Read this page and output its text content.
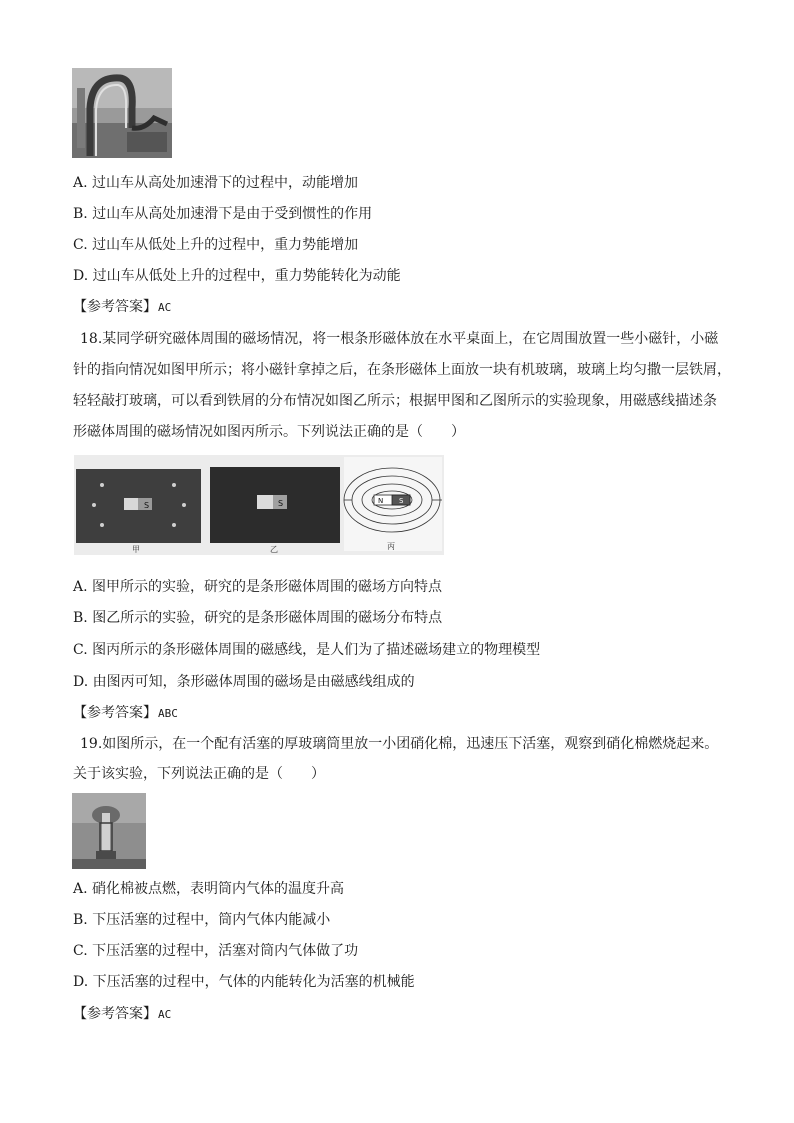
A. 过山车从高处加速滑下的过程中，动能增加
B. 过山车从高处加速滑下是由于受到惯性的作用
C. 过山车从低处上升的过程中，重力势能增加
D. 过山车从低处上升的过程中，重力势能转化为动能
【参考答案】AC
18.某同学研究磁体周围的磁场情况，将一根条形磁体放在水平桌面上，在它周围放置一些小磁针，小磁
针的指向情况如图甲所示；将小磁针拿掉之后，在条形磁体上面放一块有机玻璃，玻璃上均匀撒一层铁屑，
轻轻敲打玻璃，可以看到铁屑的分布情况如图乙所示；根据甲图和乙图所示的实验现象，用磁感线描述条
形磁体周围的磁场情况如图丙所示。下列说法正确的是（　　）
S
甲
S
乙
N S
丙
A. 图甲所示的实验，研究的是条形磁体周围的磁场方向特点
B. 图乙所示的实验，研究的是条形磁体周围的磁场分布特点
C. 图丙所示的条形磁体周围的磁感线，是人们为了描述磁场建立的物理模型
D. 由图丙可知，条形磁体周围的磁场是由磁感线组成的
【参考答案】ABC
19.如图所示，在一个配有活塞的厚玻璃筒里放一小团硝化棉，迅速压下活塞，观察到硝化棉燃烧起来。
关于该实验，下列说法正确的是（　　）
A. 硝化棉被点燃，表明筒内气体的温度升高
B. 下压活塞的过程中，筒内气体内能减小
C. 下压活塞的过程中，活塞对筒内气体做了功
D. 下压活塞的过程中，气体的内能转化为活塞的机械能
【参考答案】AC
